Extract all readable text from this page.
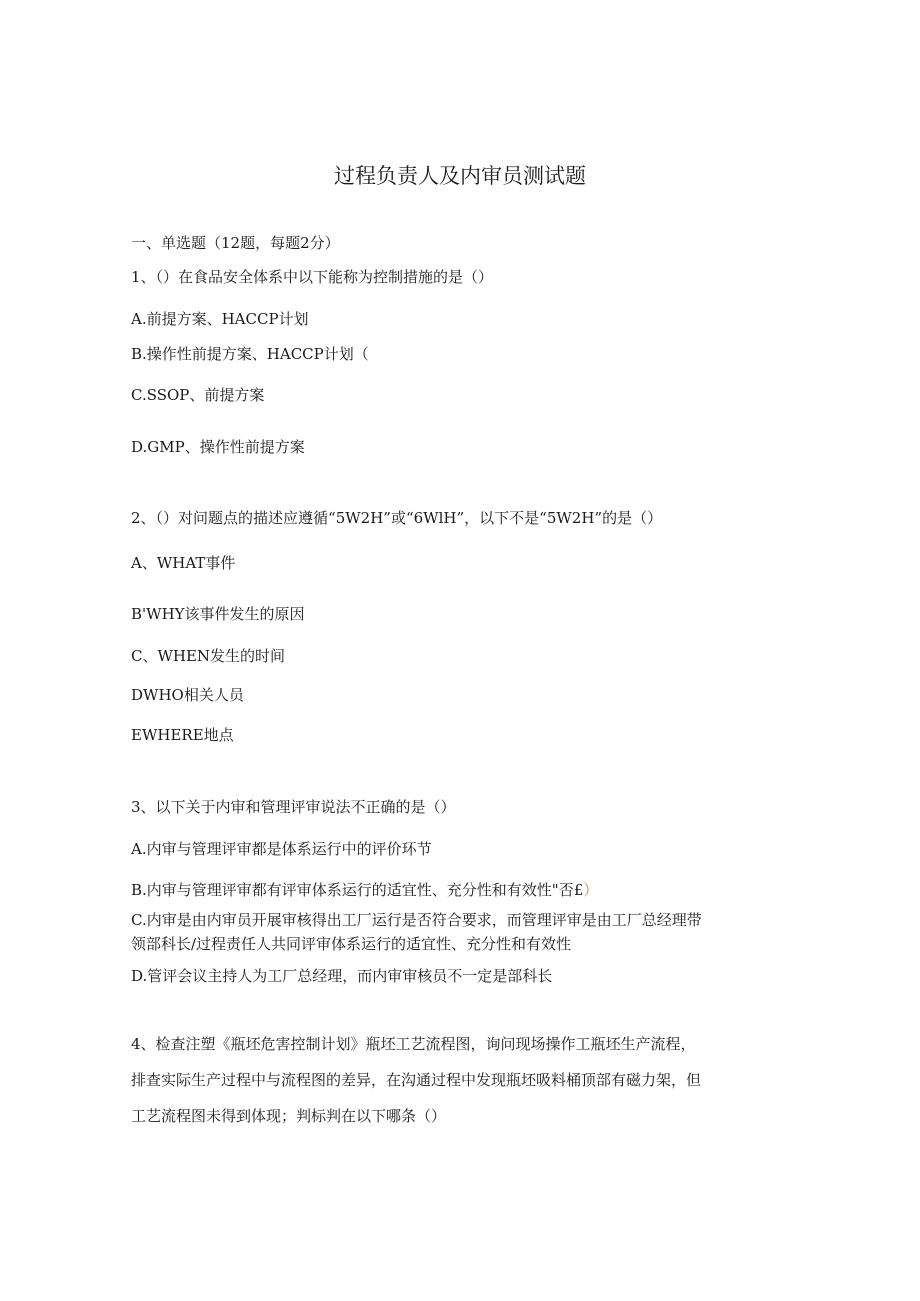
过程负责人及内审员测试题
一、单选题（12题，每题2分）
1、（）在食品安全体系中以下能称为控制措施的是（）
A.前提方案、HACCP计划
B.操作性前提方案、HACCP计划（
C.SSOP、前提方案
D.GMP、操作性前提方案
2、（）对问题点的描述应遵循“5W2H”或“6WlH”，以下不是“5W2H”的是（）
A、WHAT事件
B'WHY该事件发生的原因
C、WHEN发生的时间
DWHO相关人员
EWHERE地点
3、以下关于内审和管理评审说法不正确的是（）
A.内审与管理评审都是体系运行中的评价环节
B.内审与管理评审都有评审体系运行的适宜性、充分性和有效性"否£）
C.内审是由内审员开展审核得出工厂运行是否符合要求，而管理评审是由工厂总经理带
领部科长/过程责任人共同评审体系运行的适宜性、充分性和有效性
D.管评会议主持人为工厂总经理，而内审审核员不一定是部科长
4、检查注塑《瓶坯危害控制计划》瓶坯工艺流程图，询问现场操作工瓶坯生产流程，
排查实际生产过程中与流程图的差异，在沟通过程中发现瓶坯吸料桶顶部有磁力架，但
工艺流程图未得到体现；判标判在以下哪条（）
